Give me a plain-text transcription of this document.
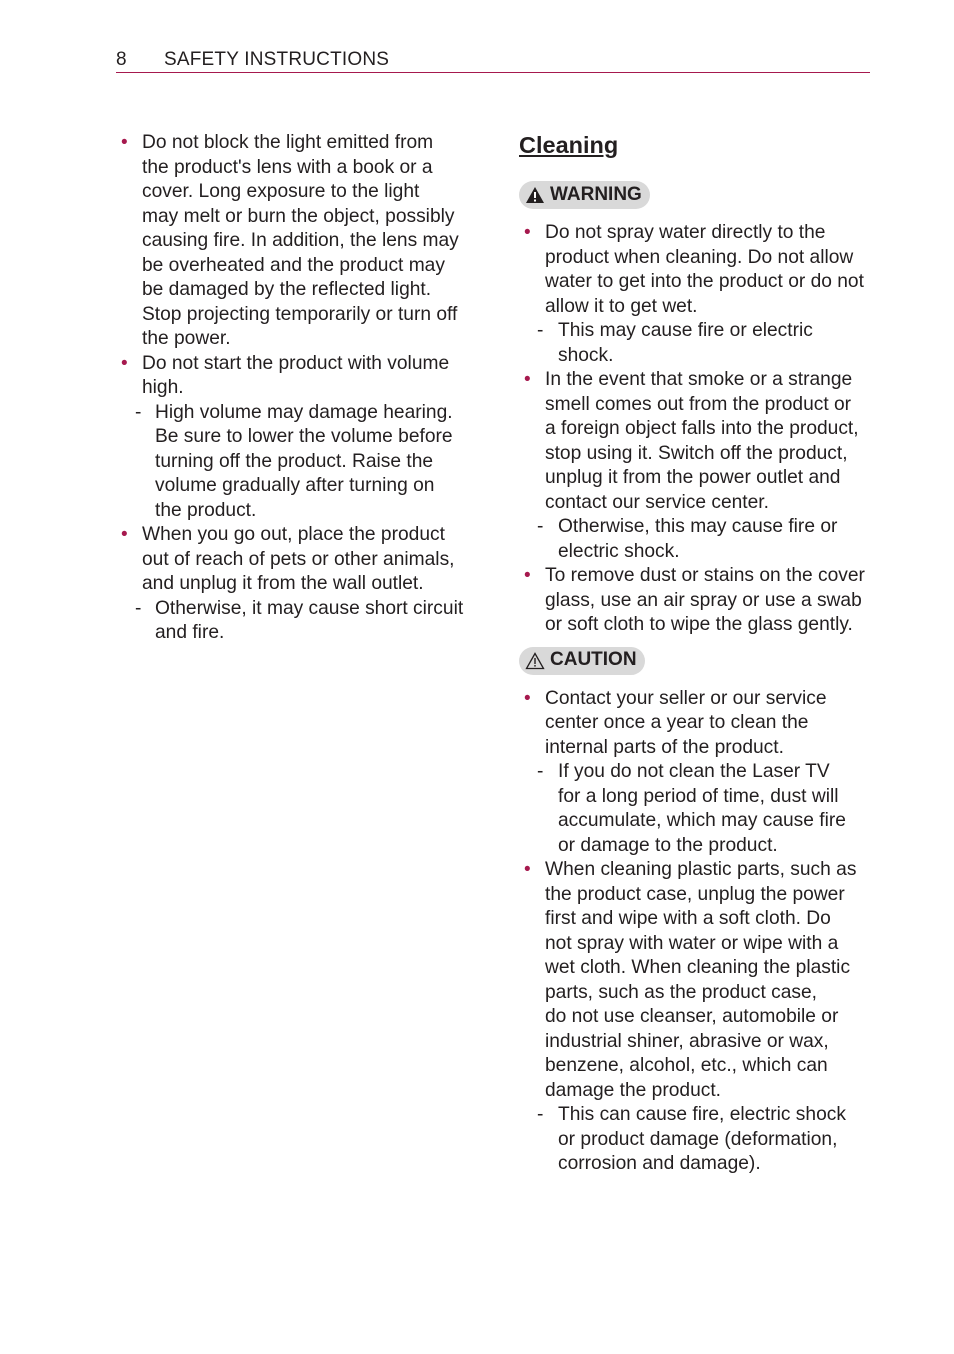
8 SAFETY INSTRUCTIONS
• Do not block the light emitted from
the product's lens with a book or a
cover. Long exposure to the light
may melt or burn the object, possibly
causing fire. In addition, the lens may
be overheated and the product may
be damaged by the reflected light.
Stop projecting temporarily or turn off
the power.
• Do not start the product with volume
high.
- High volume may damage hearing.
Be sure to lower the volume before
turning off the product. Raise the
volume gradually after turning on
the product.
• When you go out, place the product
out of reach of pets or other animals,
and unplug it from the wall outlet.
- Otherwise, it may cause short circuit
and fire.
Cleaning
WARNING
• Do not spray water directly to the
product when cleaning. Do not allow
water to get into the product or do not
allow it to get wet.
- This may cause fire or electric
shock.
• In the event that smoke or a strange
smell comes out from the product or
a foreign object falls into the product,
stop using it. Switch off the product,
unplug it from the power outlet and
contact our service center.
- Otherwise, this may cause fire or
electric shock.
• To remove dust or stains on the cover
glass, use an air spray or use a swab
or soft cloth to wipe the glass gently.
CAUTION
• Contact your seller or our service
center once a year to clean the
internal parts of the product.
- If you do not clean the Laser TV
for a long period of time, dust will
accumulate, which may cause fire
or damage to the product.
• When cleaning plastic parts, such as
the product case, unplug the power
first and wipe with a soft cloth. Do
not spray with water or wipe with a
wet cloth. When cleaning the plastic
parts, such as the product case,
do not use cleanser, automobile or
industrial shiner, abrasive or wax,
benzene, alcohol, etc., which can
damage the product.
- This can cause fire, electric shock
or product damage (deformation,
corrosion and damage).
